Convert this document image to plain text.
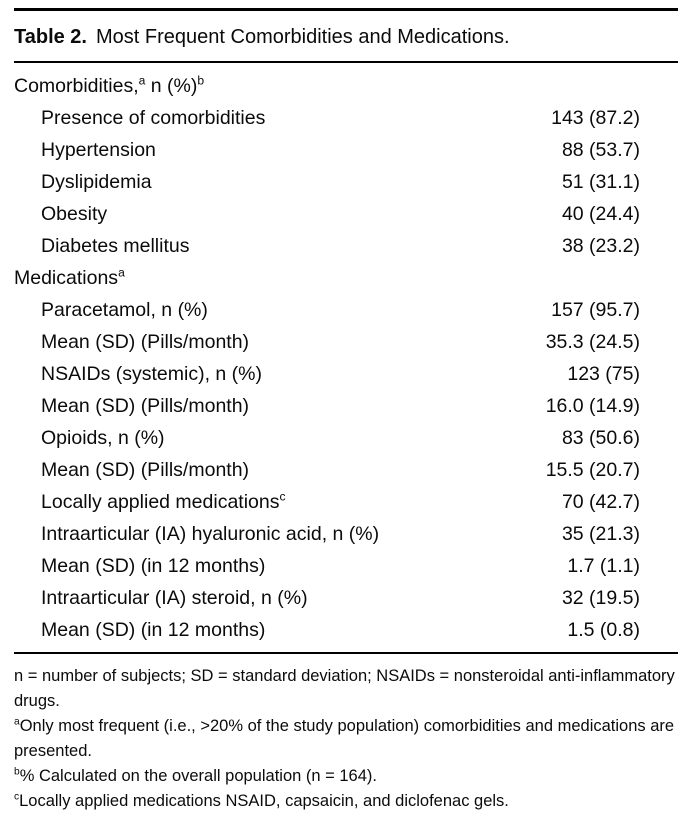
Table 2. Most Frequent Comorbidities and Medications.
Comorbidities,$^a$ n (%)$^b$
Presence of comorbidities	143 (87.2)
Hypertension	88 (53.7)
Dyslipidemia	51 (31.1)
Obesity	40 (24.4)
Diabetes mellitus	38 (23.2)
Medications$^a$
Paracetamol, n (%)	157 (95.7)
Mean (SD) (Pills/month)	35.3 (24.5)
NSAIDs (systemic), n (%)	123 (75)
Mean (SD) (Pills/month)	16.0 (14.9)
Opioids, n (%)	83 (50.6)
Mean (SD) (Pills/month)	15.5 (20.7)
Locally applied medications$^c$	70 (42.7)
Intraarticular (IA) hyaluronic acid, n (%)	35 (21.3)
Mean (SD) (in 12 months)	1.7 (1.1)
Intraarticular (IA) steroid, n (%)	32 (19.5)
Mean (SD) (in 12 months)	1.5 (0.8)
n = number of subjects; SD = standard deviation; NSAIDs = nonsteroidal anti-inflammatory drugs.
$^a$Only most frequent (i.e., >20% of the study population) comorbidities and medications are presented.
$^b$% Calculated on the overall population (n = 164).
$^c$Locally applied medications NSAID, capsaicin, and diclofenac gels.
